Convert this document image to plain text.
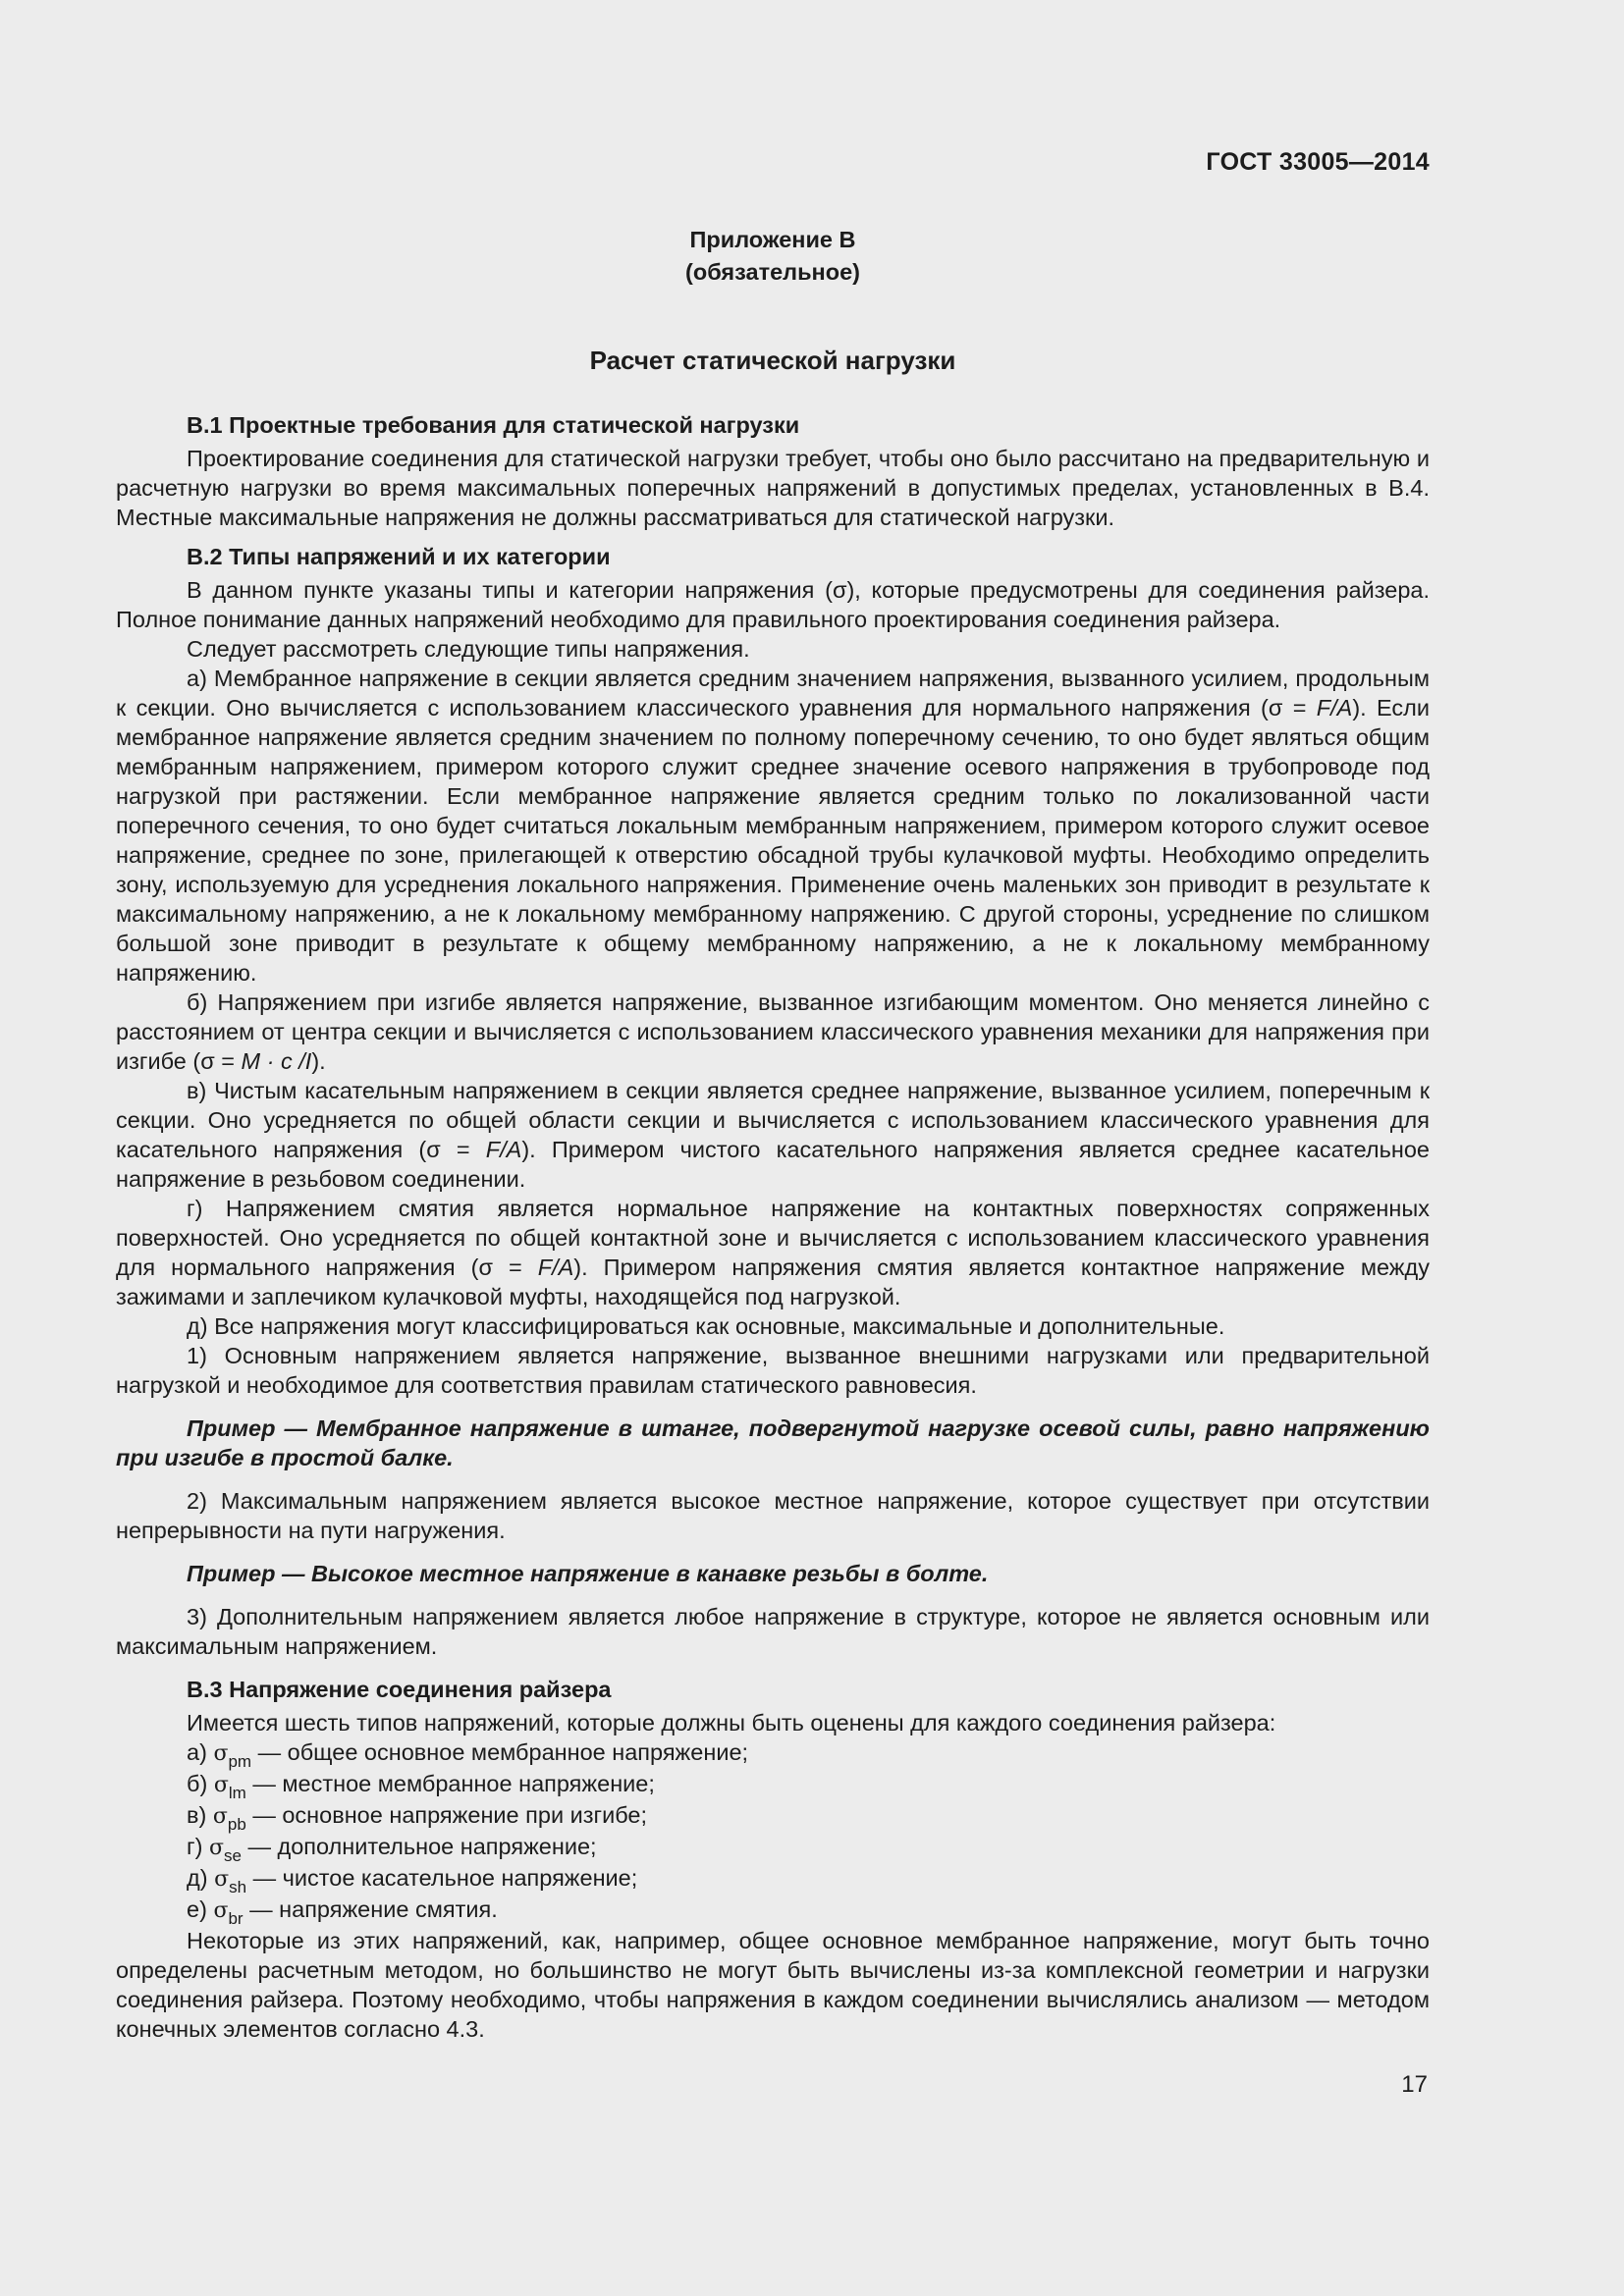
ГОСТ 33005—2014
Приложение В
(обязательное)
Расчет статической нагрузки
В.1 Проектные требования для статической нагрузки

Проектирование соединения для статической нагрузки требует, чтобы оно было рассчитано на предварительную и расчетную нагрузки во время максимальных поперечных напряжений в допустимых пределах, установленных в В.4. Местные максимальные напряжения не должны рассматриваться для статической нагрузки.

В.2 Типы напряжений и их категории

В данном пункте указаны типы и категории напряжения (σ), которые предусмотрены для соединения райзера. Полное понимание данных напряжений необходимо для правильного проектирования соединения райзера.

Следует рассмотреть следующие типы напряжения.

а) Мембранное напряжение в секции является средним значением напряжения, вызванного усилием, продольным к секции. Оно вычисляется с использованием классического уравнения для нормального напряжения (σ = F/A). Если мембранное напряжение является средним значением по полному поперечному сечению, то оно будет являться общим мембранным напряжением, примером которого служит среднее значение осевого напряжения в трубопроводе под нагрузкой при растяжении. Если мембранное напряжение является средним только по локализованной части поперечного сечения, то оно будет считаться локальным мембранным напряжением, примером которого служит осевое напряжение, среднее по зоне, прилегающей к отверстию обсадной трубы кулачковой муфты. Необходимо определить зону, используемую для усреднения локального напряжения. Применение очень маленьких зон приводит в результате к максимальному напряжению, а не к локальному мембранному напряжению. С другой стороны, усреднение по слишком большой зоне приводит в результате к общему мембранному напряжению, а не к локальному мембранному напряжению.

б) Напряжением при изгибе является напряжение, вызванное изгибающим моментом. Оно меняется линейно с расстоянием от центра секции и вычисляется с использованием классического уравнения механики для напряжения при изгибе (σ = M · c /I).

в) Чистым касательным напряжением в секции является среднее напряжение, вызванное усилием, поперечным к секции. Оно усредняется по общей области секции и вычисляется с использованием классического уравнения для касательного напряжения (σ = F/A). Примером чистого касательного напряжения является среднее касательное напряжение в резьбовом соединении.

г) Напряжением смятия является нормальное напряжение на контактных поверхностях сопряженных поверхностей. Оно усредняется по общей контактной зоне и вычисляется с использованием классического уравнения для нормального напряжения (σ = F/A). Примером напряжения смятия является контактное напряжение между зажимами и заплечиком кулачковой муфты, находящейся под нагрузкой.

д) Все напряжения могут классифицироваться как основные, максимальные и дополнительные.

1) Основным напряжением является напряжение, вызванное внешними нагрузками или предварительной нагрузкой и необходимое для соответствия правилам статического равновесия.

Пример — Мембранное напряжение в штанге, подвергнутой нагрузке осевой силы, равно напряжению при изгибе в простой балке.

2) Максимальным напряжением является высокое местное напряжение, которое существует при отсутствии непрерывности на пути нагружения.

Пример — Высокое местное напряжение в канавке резьбы в болте.

3) Дополнительным напряжением является любое напряжение в структуре, которое не является основным или максимальным напряжением.

В.3 Напряжение соединения райзера

Имеется шесть типов напряжений, которые должны быть оценены для каждого соединения райзера:

а) $\sigma_{pm}$ — общее основное мембранное напряжение;

б) $\sigma_{lm}$ — местное мембранное напряжение;

в) $\sigma_{pb}$ — основное напряжение при изгибе;

г) $\sigma_{se}$ — дополнительное напряжение;

д) $\sigma_{sh}$ — чистое касательное напряжение;

е) $\sigma_{br}$ — напряжение смятия.

Некоторые из этих напряжений, как, например, общее основное мембранное напряжение, могут быть точно определены расчетным методом, но большинство не могут быть вычислены из-за комплексной геометрии и нагрузки соединения райзера. Поэтому необходимо, чтобы напряжения в каждом соединении вычислялись анализом — методом конечных элементов согласно 4.3.

17
